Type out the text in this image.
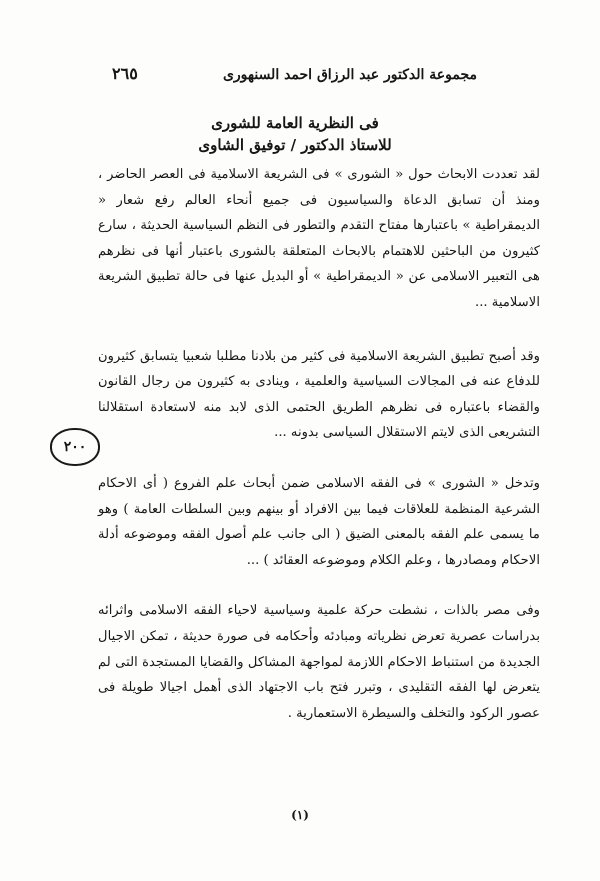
مجموعة الدكتور عبد الرزاق احمد السنهورى
٢٦٥
فى النظرية العامة للشورى
للاستاذ الدكتور / توفيق الشاوى

لقد تعددت الابحاث حول « الشورى » فى الشريعة الاسلامية فى العصر الحاضر ، ومنذ أن تسابق الدعاة والسياسيون فى جميع أنحاء العالم رفع شعار « الديمقراطية » باعتبارها مفتاح التقدم والتطور فى النظم السياسية الحديثة ، سارع كثيرون من الباحثين للاهتمام بالابحاث المتعلقة بالشورى باعتبار أنها فى نظرهم هى التعبير الاسلامى عن « الديمقراطية » أو البديل عنها فى حالة تطبيق الشريعة الاسلامية ...

وقد أصبح تطبيق الشريعة الاسلامية فى كثير من بلادنا مطلبا شعبيا يتسابق كثيرون للدفاع عنه فى المجالات السياسية والعلمية ، وينادى به كثيرون من رجال القانون والقضاء باعتباره فى نظرهم الطريق الحتمى الذى لابد منه لاستعادة استقلالنا التشريعى الذى لايتم الاستقلال السياسى بدونه ...

وتدخل « الشورى » فى الفقه الاسلامى ضمن أبحاث علم الفروع ( أى الاحكام الشرعية المنظمة للعلاقات فيما بين الافراد أو بينهم وبين السلطات العامة ) وهو ما يسمى علم الفقه بالمعنى الضيق ( الى جانب علم أصول الفقه وموضوعه أدلة الاحكام ومصادرها ، وعلم الكلام وموضوعه العقائد ) ...

وفى مصر بالذات ، نشطت حركة علمية وسياسية لاحياء الفقه الاسلامى واثرائه بدراسات عصرية تعرض نظرياته ومبادئه وأحكامه فى صورة حديثة ، تمكن الاجيال الجديدة من استنباط الاحكام اللازمة لمواجهة المشاكل والقضايا المستجدة التى لم يتعرض لها الفقه التقليدى ، وتبرر فتح باب الاجتهاد الذى أهمل اجيالا طويلة فى عصور الركود والتخلف والسيطرة الاستعمارية .

٢٠٠
(١)
